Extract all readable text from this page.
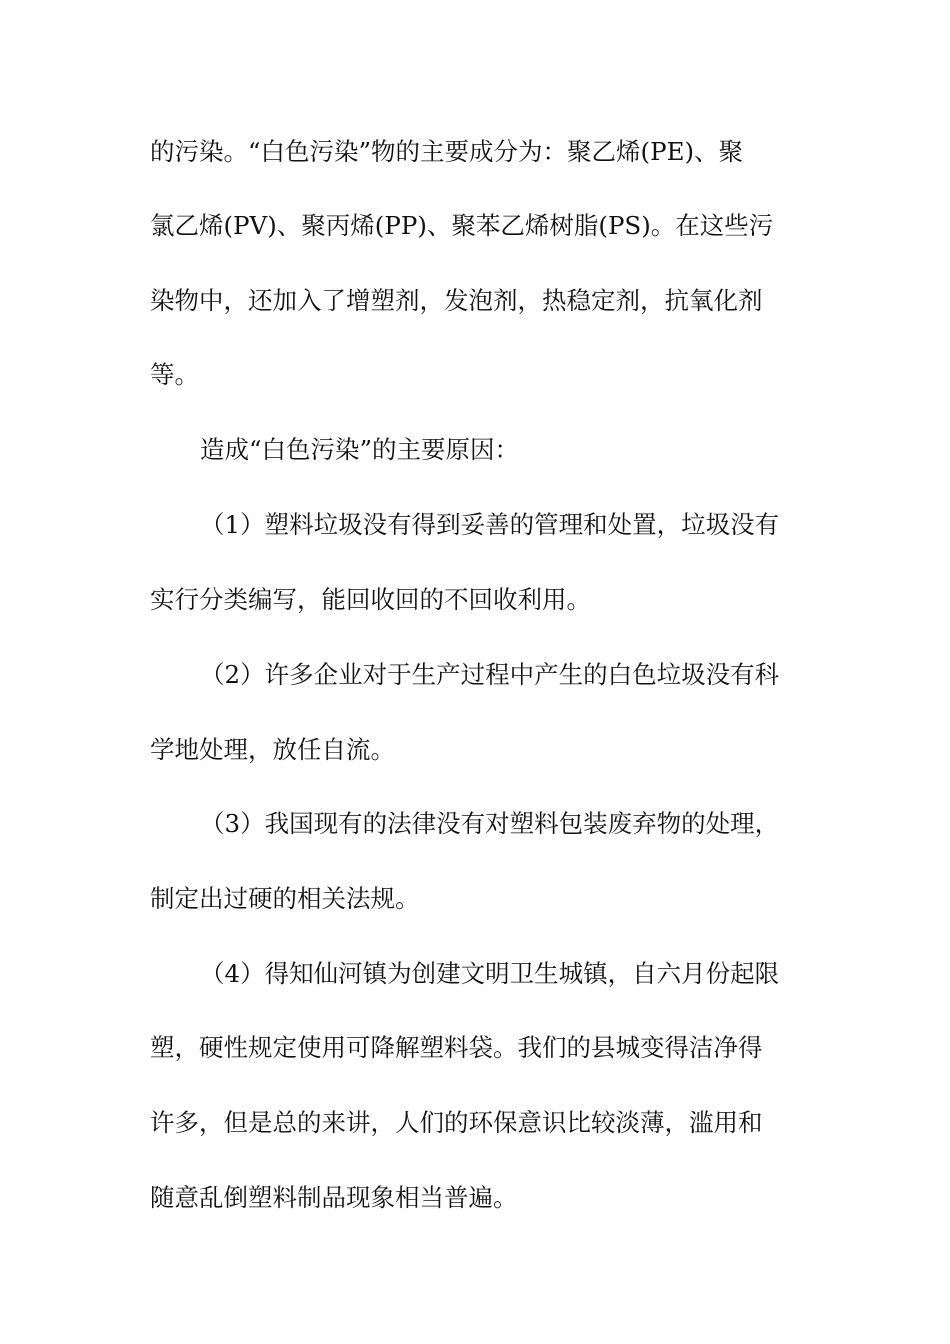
的污染。“白色污染”物的主要成分为：聚乙烯(PE)、聚
氯乙烯(PV)、聚丙烯(PP)、聚苯乙烯树脂(PS)。在这些污
染物中，还加入了增塑剂，发泡剂，热稳定剂，抗氧化剂
等。
造成“白色污染”的主要原因：
（1）塑料垃圾没有得到妥善的管理和处置，垃圾没有
实行分类编写，能回收回的不回收利用。
（2）许多企业对于生产过程中产生的白色垃圾没有科
学地处理，放任自流。
（3）我国现有的法律没有对塑料包装废弃物的处理，
制定出过硬的相关法规。
（4）得知仙河镇为创建文明卫生城镇，自六月份起限
塑，硬性规定使用可降解塑料袋。我们的县城变得洁净得
许多，但是总的来讲，人们的环保意识比较淡薄，滥用和
随意乱倒塑料制品现象相当普遍。
